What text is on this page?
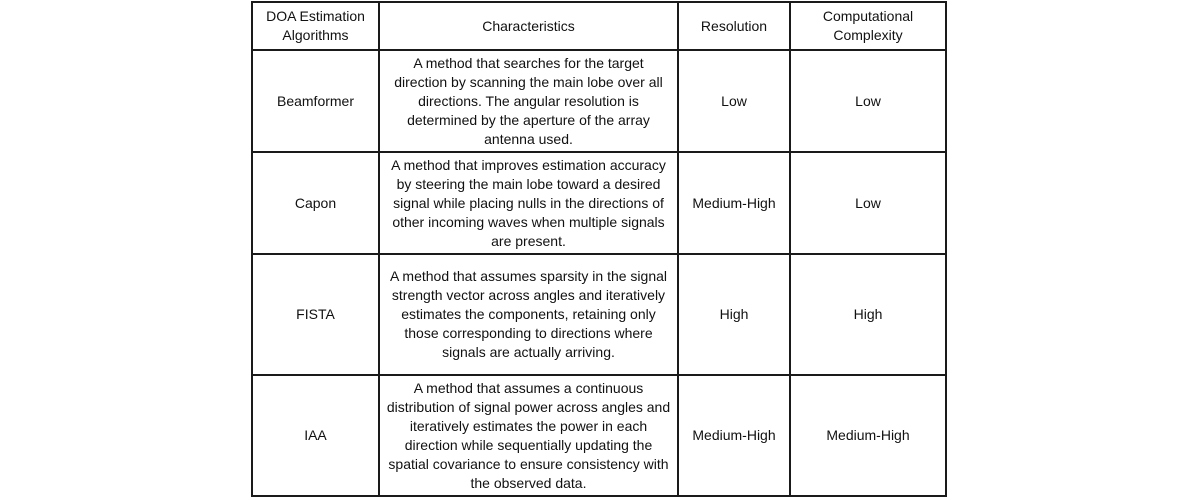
DOA Estimation Algorithms	Characteristics	Resolution	Computational Complexity
Beamformer	A method that searches for the target direction by scanning the main lobe over all directions. The angular resolution is determined by the aperture of the array antenna used.	Low	Low
Capon	A method that improves estimation accuracy by steering the main lobe toward a desired signal while placing nulls in the directions of other incoming waves when multiple signals are present.	Medium-High	Low
FISTA	A method that assumes sparsity in the signal strength vector across angles and iteratively estimates the components, retaining only those corresponding to directions where signals are actually arriving.	High	High
IAA	A method that assumes a continuous distribution of signal power across angles and iteratively estimates the power in each direction while sequentially updating the spatial covariance to ensure consistency with the observed data.	Medium-High	Medium-High
